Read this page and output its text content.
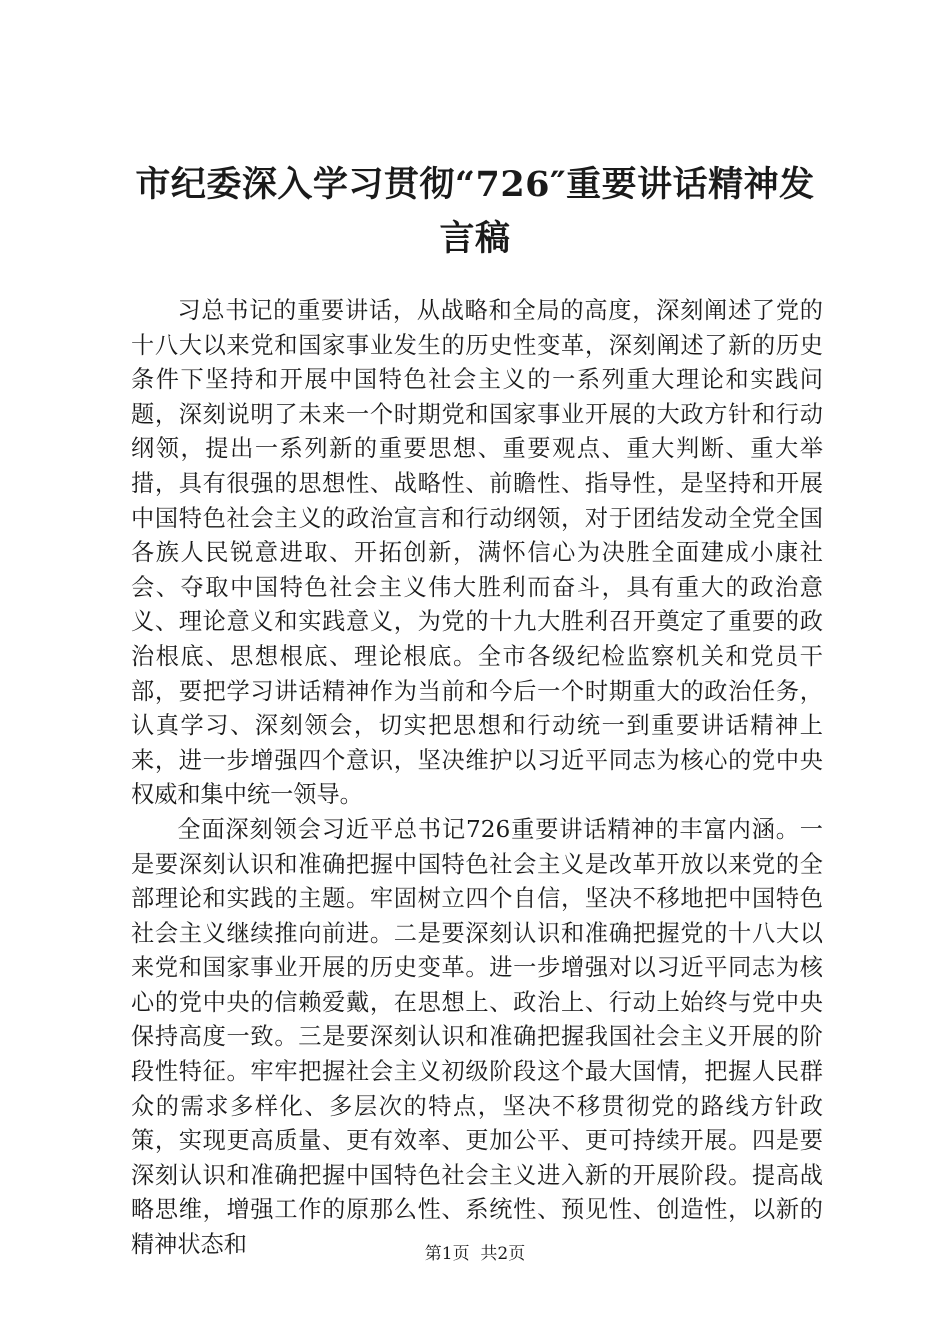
市纪委深入学习贯彻“726″重要讲话精神发言稿

习总书记的重要讲话，从战略和全局的高度，深刻阐述了党的十八大以来党和国家事业发生的历史性变革，深刻阐述了新的历史条件下坚持和开展中国特色社会主义的一系列重大理论和实践问题，深刻说明了未来一个时期党和国家事业开展的大政方针和行动纲领，提出一系列新的重要思想、重要观点、重大判断、重大举措，具有很强的思想性、战略性、前瞻性、指导性，是坚持和开展中国特色社会主义的政治宣言和行动纲领，对于团结发动全党全国各族人民锐意进取、开拓创新，满怀信心为决胜全面建成小康社会、夺取中国特色社会主义伟大胜利而奋斗，具有重大的政治意义、理论意义和实践意义，为党的十九大胜利召开奠定了重要的政治根底、思想根底、理论根底。全市各级纪检监察机关和党员干部，要把学习讲话精神作为当前和今后一个时期重大的政治任务，认真学习、深刻领会，切实把思想和行动统一到重要讲话精神上来，进一步增强四个意识，坚决维护以习近平同志为核心的党中央权威和集中统一领导。

全面深刻领会习近平总书记726重要讲话精神的丰富内涵。一是要深刻认识和准确把握中国特色社会主义是改革开放以来党的全部理论和实践的主题。牢固树立四个自信，坚决不移地把中国特色社会主义继续推向前进。二是要深刻认识和准确把握党的十八大以来党和国家事业开展的历史变革。进一步增强对以习近平同志为核心的党中央的信赖爱戴，在思想上、政治上、行动上始终与党中央保持高度一致。三是要深刻认识和准确把握我国社会主义开展的阶段性特征。牢牢把握社会主义初级阶段这个最大国情，把握人民群众的需求多样化、多层次的特点，坚决不移贯彻党的路线方针政策，实现更高质量、更有效率、更加公平、更可持续开展。四是要深刻认识和准确把握中国特色社会主义进入新的开展阶段。提高战略思维，增强工作的原那么性、系统性、预见性、创造性，以新的精神状态和	第1页 共2页
